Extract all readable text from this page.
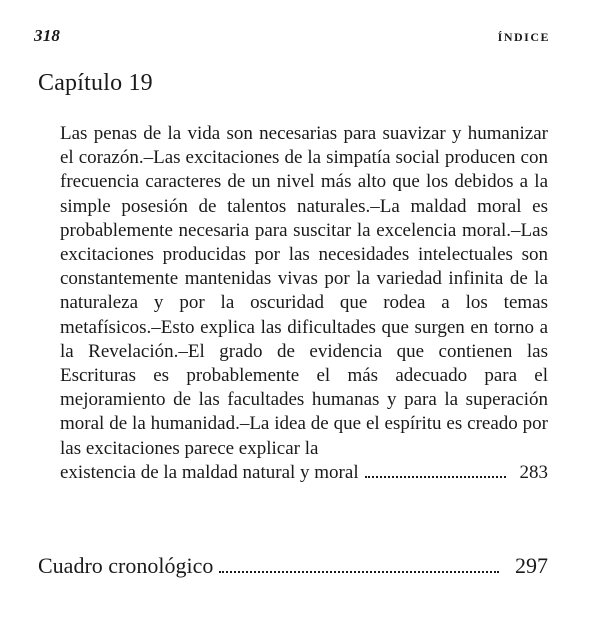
318	ÍNDICE
Capítulo 19
Las penas de la vida son necesarias para suavizar y humanizar el corazón.–Las excitaciones de la simpatía social producen con frecuencia caracteres de un nivel más alto que los debidos a la simple posesión de talentos naturales.–La maldad moral es probablemente necesaria para suscitar la excelencia moral.–Las excitaciones producidas por las necesidades intelectuales son constantemente mantenidas vivas por la variedad infinita de la naturaleza y por la oscuridad que rodea a los temas metafísicos.–Esto explica las dificultades que surgen en torno a la Revelación.–El grado de evidencia que contienen las Escrituras es probablemente el más adecuado para el mejoramiento de las facultades humanas y para la superación moral de la humanidad.–La idea de que el espíritu es creado por las excitaciones parece explicar la
existencia de la maldad natural y moral	283
Cuadro cronológico	297
